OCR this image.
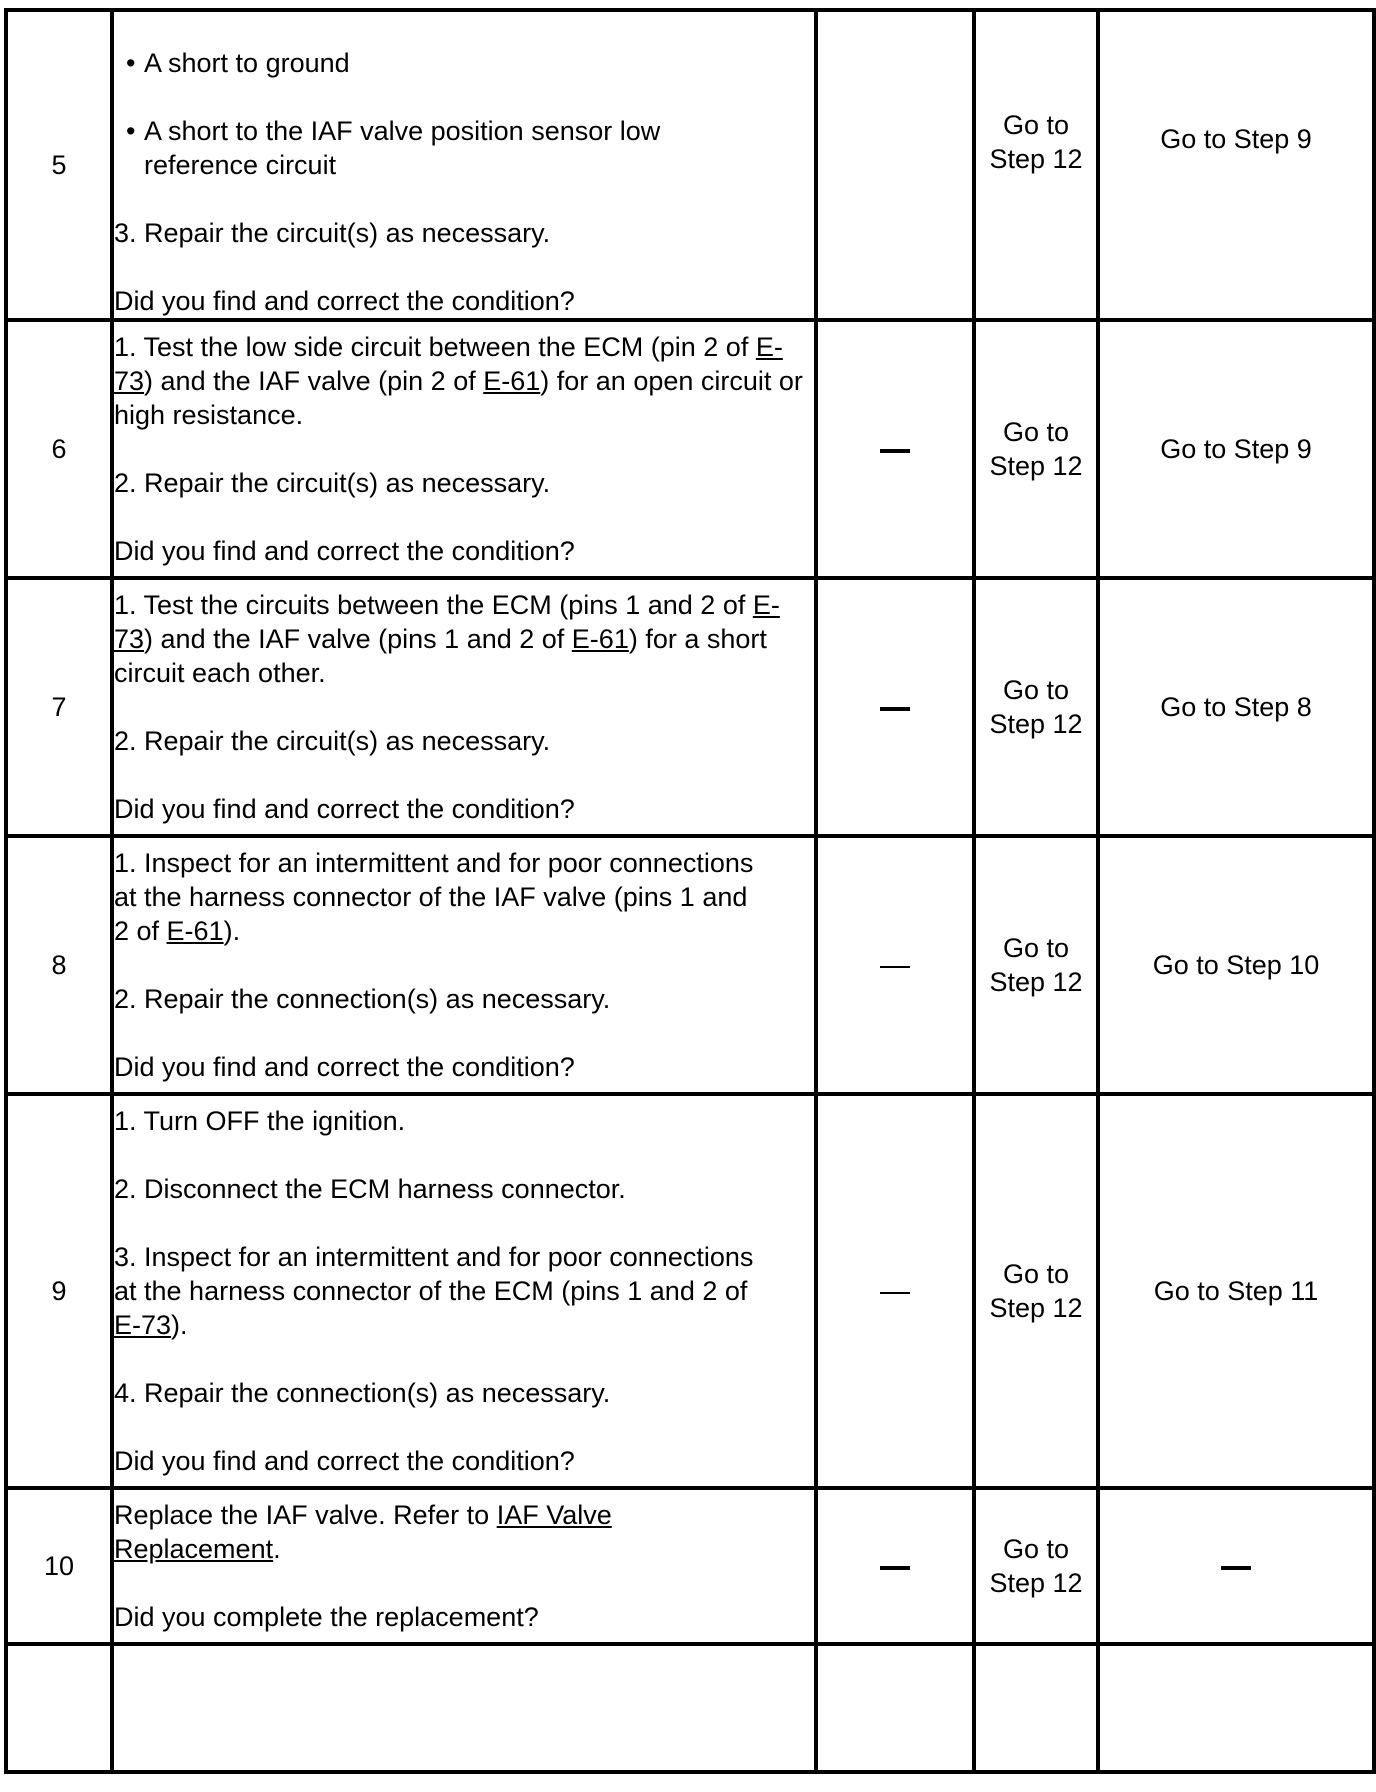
5	• A short to ground
• A short to the IAF valve position sensor low reference circuit
3. Repair the circuit(s) as necessary.
Did you find and correct the condition?		Go to
Step 12	Go to Step 9
6	1. Test the low side circuit between the ECM (pin 2 of E-73) and the IAF valve (pin 2 of E-61) for an open circuit or high resistance.
2. Repair the circuit(s) as necessary.
Did you find and correct the condition?		Go to
Step 12	Go to Step 9
7	1. Test the circuits between the ECM (pins 1 and 2 of E-73) and the IAF valve (pins 1 and 2 of E-61) for a short circuit each other.
2. Repair the circuit(s) as necessary.
Did you find and correct the condition?		Go to
Step 12	Go to Step 8
8	1. Inspect for an intermittent and for poor connections at the harness connector of the IAF valve (pins 1 and 2 of E-61).
2. Repair the connection(s) as necessary.
Did you find and correct the condition?		Go to
Step 12	Go to Step 10
9	1. Turn OFF the ignition.
2. Disconnect the ECM harness connector.
3. Inspect for an intermittent and for poor connections at the harness connector of the ECM (pins 1 and 2 of E-73).
4. Repair the connection(s) as necessary.
Did you find and correct the condition?		Go to
Step 12	Go to Step 11
10	Replace the IAF valve. Refer to IAF Valve Replacement.
Did you complete the replacement?		Go to
Step 12	
